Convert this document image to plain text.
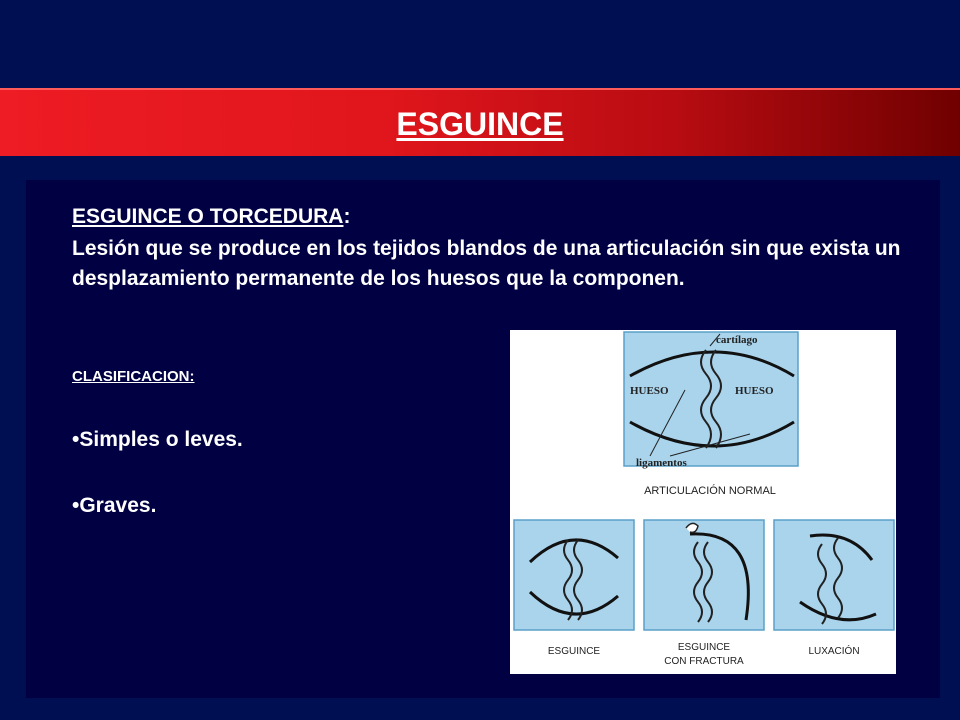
ESGUINCE
ESGUINCE O TORCEDURA:
Lesión que se produce en los tejidos blandos de una articulación sin que exista un desplazamiento permanente de los huesos que la componen.
CLASIFICACION:
•Simples o leves.
•Graves.
cartílago
HUESO	HUESO
ligamentos
ARTICULACIÓN NORMAL
ESGUINCE	ESGUINCE
CON FRACTURA
LUXACIÓN
